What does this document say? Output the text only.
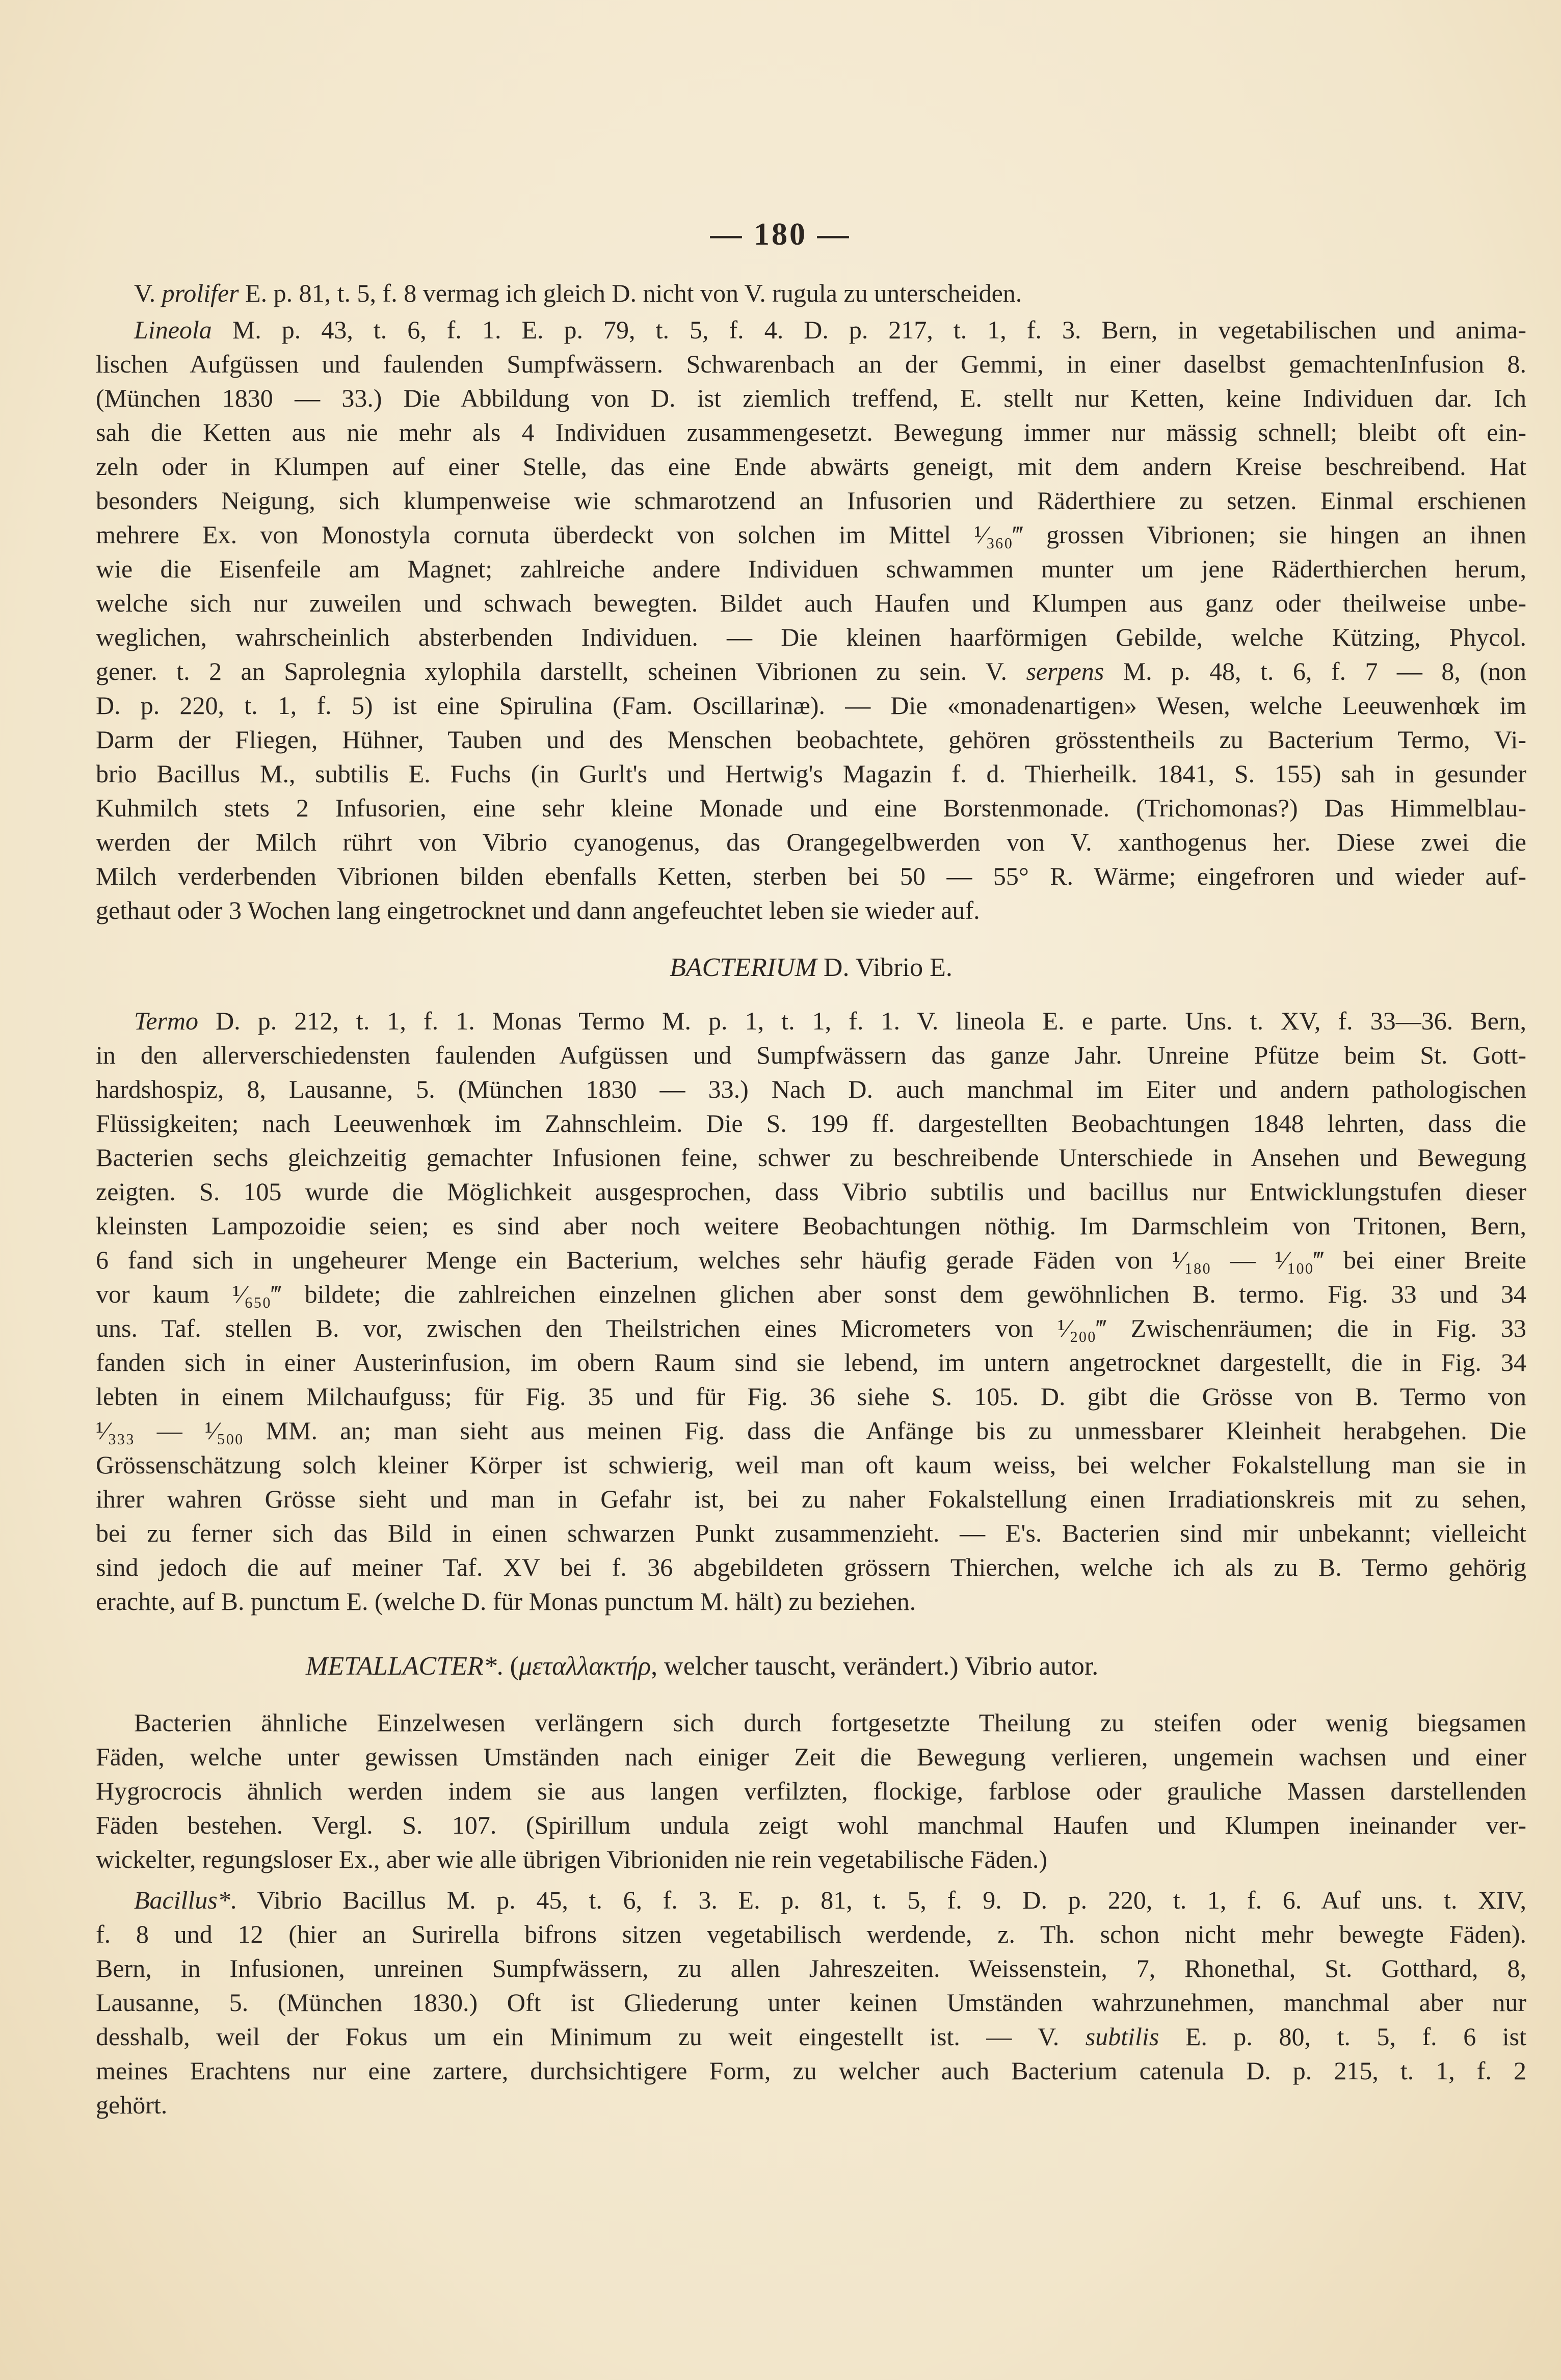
— 180 —
V. prolifer E. p. 81, t. 5, f. 8 vermag ich gleich D. nicht von V. rugula zu unterscheiden.
Lineola M. p. 43, t. 6, f. 1. E. p. 79, t. 5, f. 4. D. p. 217, t. 1, f. 3. Bern, in vegetabilischen und anima-
lischen Aufgüssen und faulenden Sumpfwässern. Schwarenbach an der Gemmi, in einer daselbst gemachtenInfusion 8.
(München 1830 — 33.) Die Abbildung von D. ist ziemlich treffend, E. stellt nur Ketten, keine Individuen dar. Ich
sah die Ketten aus nie mehr als 4 Individuen zusammengesetzt. Bewegung immer nur mässig schnell; bleibt oft ein-
zeln oder in Klumpen auf einer Stelle, das eine Ende abwärts geneigt, mit dem andern Kreise beschreibend. Hat
besonders Neigung, sich klumpenweise wie schmarotzend an Infusorien und Räderthiere zu setzen. Einmal erschienen
mehrere Ex. von Monostyla cornuta überdeckt von solchen im Mittel ¹⁄₃₆₀‴ grossen Vibrionen; sie hingen an ihnen
wie die Eisenfeile am Magnet; zahlreiche andere Individuen schwammen munter um jene Räderthierchen herum,
welche sich nur zuweilen und schwach bewegten. Bildet auch Haufen und Klumpen aus ganz oder theilweise unbe-
weglichen, wahrscheinlich absterbenden Individuen. — Die kleinen haarförmigen Gebilde, welche Kützing, Phycol.
gener. t. 2 an Saprolegnia xylophila darstellt, scheinen Vibrionen zu sein. V. serpens M. p. 48, t. 6, f. 7 — 8, (non
D. p. 220, t. 1, f. 5) ist eine Spirulina (Fam. Oscillarinæ). — Die «monadenartigen» Wesen, welche Leeuwenhœk im
Darm der Fliegen, Hühner, Tauben und des Menschen beobachtete, gehören grösstentheils zu Bacterium Termo, Vi-
brio Bacillus M., subtilis E. Fuchs (in Gurlt's und Hertwig's Magazin f. d. Thierheilk. 1841, S. 155) sah in gesunder
Kuhmilch stets 2 Infusorien, eine sehr kleine Monade und eine Borstenmonade. (Trichomonas?) Das Himmelblau-
werden der Milch rührt von Vibrio cyanogenus, das Orangegelbwerden von V. xanthogenus her. Diese zwei die
Milch verderbenden Vibrionen bilden ebenfalls Ketten, sterben bei 50 — 55° R. Wärme; eingefroren und wieder auf-
gethaut oder 3 Wochen lang eingetrocknet und dann angefeuchtet leben sie wieder auf.
BACTERIUM D. Vibrio E.
Termo D. p. 212, t. 1, f. 1. Monas Termo M. p. 1, t. 1, f. 1. V. lineola E. e parte. Uns. t. XV, f. 33—36. Bern,
in den allerverschiedensten faulenden Aufgüssen und Sumpfwässern das ganze Jahr. Unreine Pfütze beim St. Gott-
hardshospiz, 8, Lausanne, 5. (München 1830 — 33.) Nach D. auch manchmal im Eiter und andern pathologischen
Flüssigkeiten; nach Leeuwenhœk im Zahnschleim. Die S. 199 ff. dargestellten Beobachtungen 1848 lehrten, dass die
Bacterien sechs gleichzeitig gemachter Infusionen feine, schwer zu beschreibende Unterschiede in Ansehen und Bewegung
zeigten. S. 105 wurde die Möglichkeit ausgesprochen, dass Vibrio subtilis und bacillus nur Entwicklungstufen dieser
kleinsten Lampozoidie seien; es sind aber noch weitere Beobachtungen nöthig. Im Darmschleim von Tritonen, Bern,
6 fand sich in ungeheurer Menge ein Bacterium, welches sehr häufig gerade Fäden von ¹⁄₁₈₀ — ¹⁄₁₀₀‴ bei einer Breite
vor kaum ¹⁄₆₅₀‴ bildete; die zahlreichen einzelnen glichen aber sonst dem gewöhnlichen B. termo. Fig. 33 und 34
uns. Taf. stellen B. vor, zwischen den Theilstrichen eines Micrometers von ¹⁄₂₀₀‴ Zwischenräumen; die in Fig. 33
fanden sich in einer Austerinfusion, im obern Raum sind sie lebend, im untern angetrocknet dargestellt, die in Fig. 34
lebten in einem Milchaufguss; für Fig. 35 und für Fig. 36 siehe S. 105. D. gibt die Grösse von B. Termo von
¹⁄₃₃₃ — ¹⁄₅₀₀ MM. an; man sieht aus meinen Fig. dass die Anfänge bis zu unmessbarer Kleinheit herabgehen. Die
Grössenschätzung solch kleiner Körper ist schwierig, weil man oft kaum weiss, bei welcher Fokalstellung man sie in
ihrer wahren Grösse sieht und man in Gefahr ist, bei zu naher Fokalstellung einen Irradiationskreis mit zu sehen,
bei zu ferner sich das Bild in einen schwarzen Punkt zusammenzieht. — E's. Bacterien sind mir unbekannt; vielleicht
sind jedoch die auf meiner Taf. XV bei f. 36 abgebildeten grössern Thierchen, welche ich als zu B. Termo gehörig
erachte, auf B. punctum E. (welche D. für Monas punctum M. hält) zu beziehen.
METALLACTER*. (μεταλλακτήρ, welcher tauscht, verändert.) Vibrio autor.
Bacterien ähnliche Einzelwesen verlängern sich durch fortgesetzte Theilung zu steifen oder wenig biegsamen
Fäden, welche unter gewissen Umständen nach einiger Zeit die Bewegung verlieren, ungemein wachsen und einer
Hygrocrocis ähnlich werden indem sie aus langen verfilzten, flockige, farblose oder grauliche Massen darstellenden
Fäden bestehen. Vergl. S. 107. (Spirillum undula zeigt wohl manchmal Haufen und Klumpen ineinander ver-
wickelter, regungsloser Ex., aber wie alle übrigen Vibrioniden nie rein vegetabilische Fäden.)
Bacillus*. Vibrio Bacillus M. p. 45, t. 6, f. 3. E. p. 81, t. 5, f. 9. D. p. 220, t. 1, f. 6. Auf uns. t. XIV,
f. 8 und 12 (hier an Surirella bifrons sitzen vegetabilisch werdende, z. Th. schon nicht mehr bewegte Fäden).
Bern, in Infusionen, unreinen Sumpfwässern, zu allen Jahreszeiten. Weissenstein, 7, Rhonethal, St. Gotthard, 8,
Lausanne, 5. (München 1830.) Oft ist Gliederung unter keinen Umständen wahrzunehmen, manchmal aber nur
desshalb, weil der Fokus um ein Minimum zu weit eingestellt ist. — V. subtilis E. p. 80, t. 5, f. 6 ist
meines Erachtens nur eine zartere, durchsichtigere Form, zu welcher auch Bacterium catenula D. p. 215, t. 1, f. 2
gehört.
